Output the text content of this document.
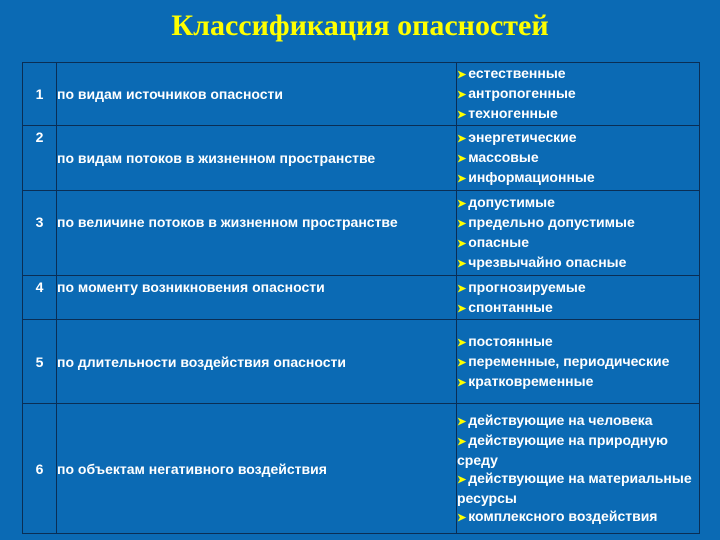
Классификация опасностей
1	по видам источников опасности	➤ естественные
➤ антропогенные
➤ техногенные

2	по видам потоков в жизненном пространстве	➤ энергетические
➤ массовые
➤ информационные

3	по величине потоков в жизненном пространстве	➤ допустимые
➤ предельно допустимые
➤ опасные
➤ чрезвычайно опасные

4	по моменту возникновения опасности	➤ прогнозируемые
➤ спонтанные

5	по длительности воздействия опасности	➤ постоянные
➤ переменные, периодические
➤ кратковременные

6	по объектам негативного воздействия	➤ действующие на человека
➤ действующие на природную среду
➤ действующие на материальные ресурсы
➤ комплексного воздействия
